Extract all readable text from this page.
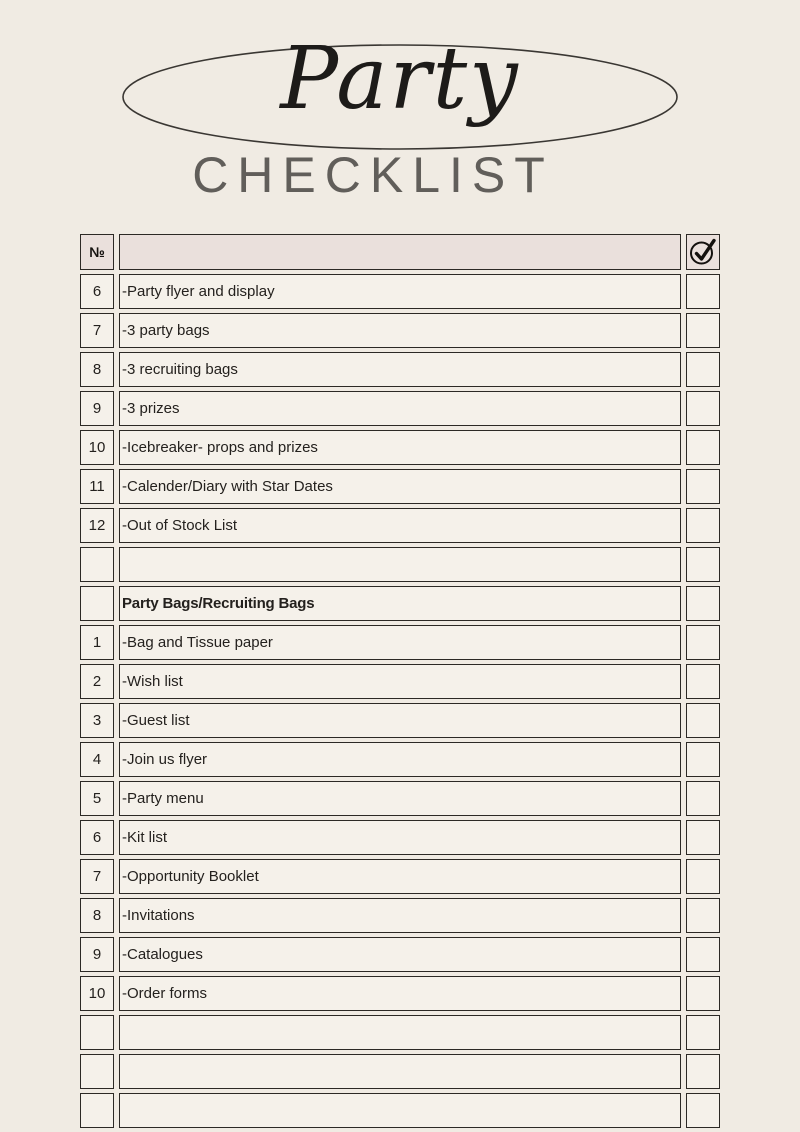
Party
CHECKLIST
№
6 -Party flyer and display
7 -3 party bags
8 -3 recruiting bags
9 -3 prizes
10 -Icebreaker- props and prizes
11 -Calender/Diary with Star Dates
12 -Out of Stock List
Party Bags/Recruiting Bags
1 -Bag and Tissue paper
2 -Wish list
3 -Guest list
4 -Join us flyer
5 -Party menu
6 -Kit list
7 -Opportunity Booklet
8 -Invitations
9 -Catalogues
10 -Order forms
